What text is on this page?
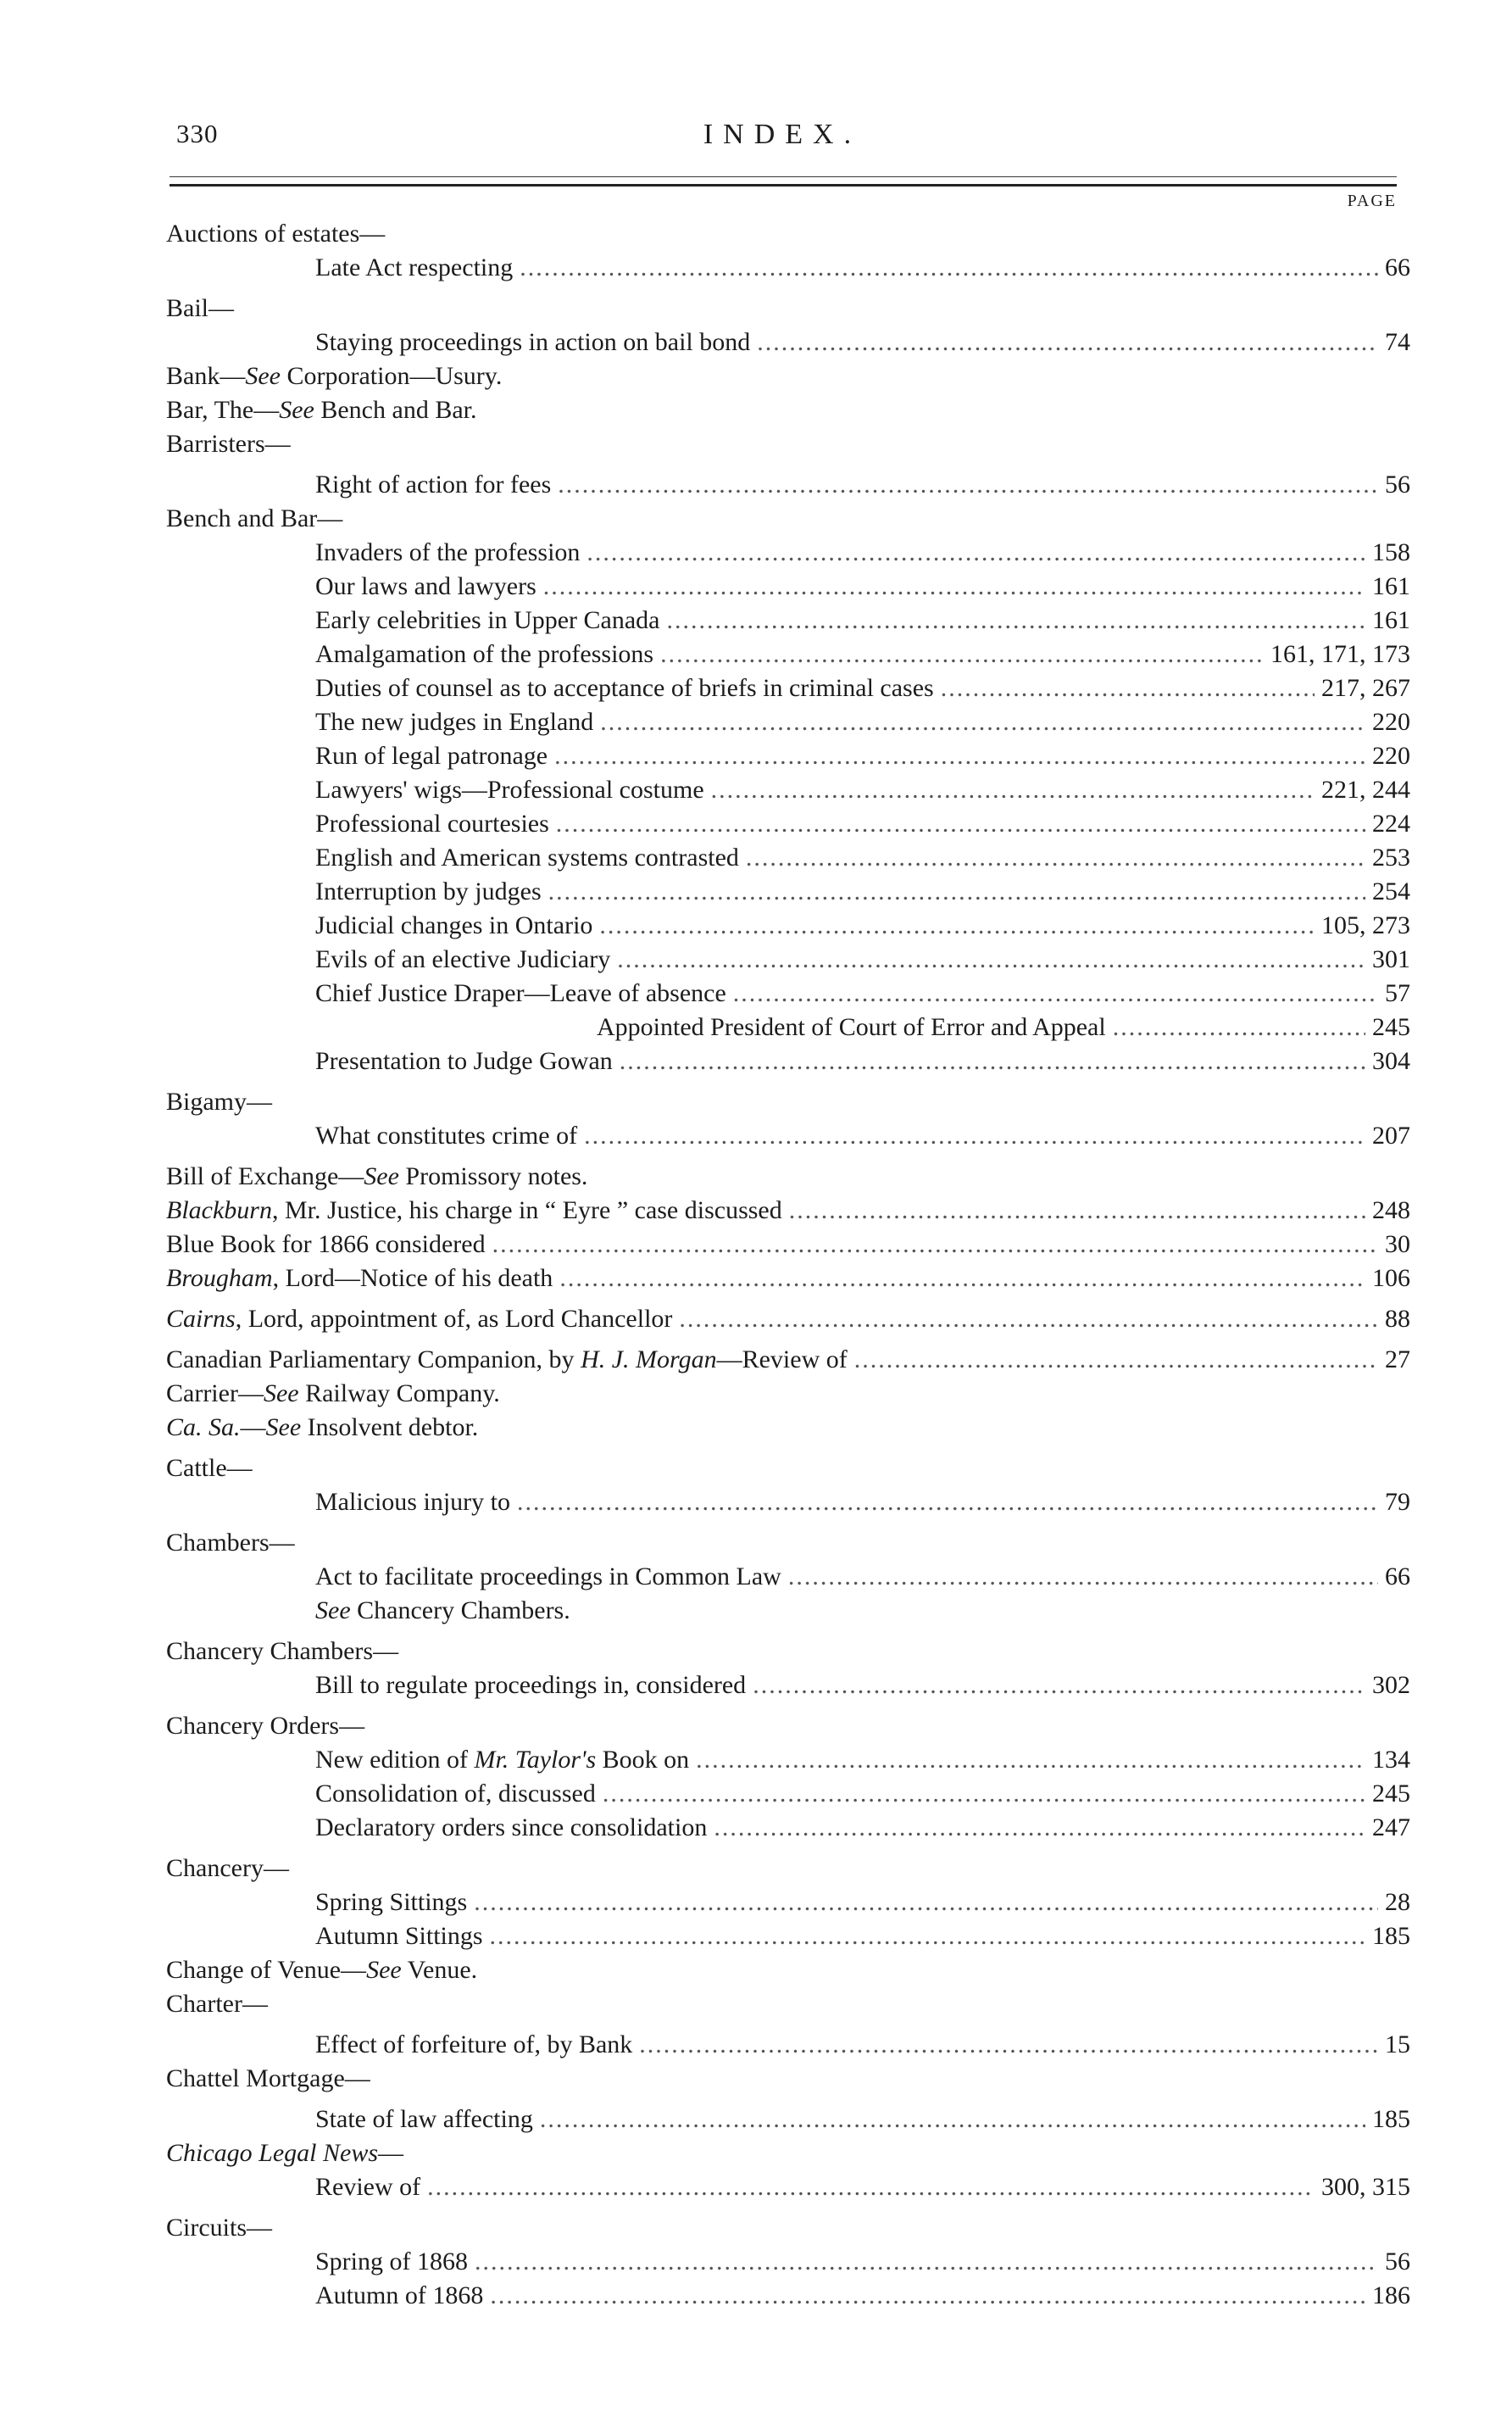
330	INDEX.
PAGE
Auctions of estates—
Late Act respecting .....	66
Bail—
Staying proceedings in action on bail bond .....	74
Bank—See Corporation—Usury.
Bar, The—See Bench and Bar.
Barristers—
Right of action for fees .....	56
Bench and Bar—
Invaders of the profession .....	158
Our laws and lawyers .....	161
Early celebrities in Upper Canada .....	161
Amalgamation of the professions .....	161, 171, 173
Duties of counsel as to acceptance of briefs in criminal cases .....	217, 267
The new judges in England .....	220
Run of legal patronage .....	220
Lawyers' wigs—Professional costume .....	221, 244
Professional courtesies .....	224
English and American systems contrasted .....	253
Interruption by judges .....	254
Judicial changes in Ontario .....	105, 273
Evils of an elective Judiciary .....	301
Chief Justice Draper—Leave of absence .....	57
Appointed President of Court of Error and Appeal .....	245
Presentation to Judge Gowan .....	304
Bigamy—
What constitutes crime of .....	207
Bill of Exchange—See Promissory notes.
Blackburn, Mr. Justice, his charge in “ Eyre ” case discussed .....	248
Blue Book for 1866 considered .....	30
Brougham, Lord—Notice of his death .....	106
Cairns, Lord, appointment of, as Lord Chancellor .....	88
Canadian Parliamentary Companion, by H. J. Morgan—Review of .....	27
Carrier—See Railway Company.
Ca. Sa.—See Insolvent debtor.
Cattle—
Malicious injury to .....	79
Chambers—
Act to facilitate proceedings in Common Law .....	66
See Chancery Chambers.
Chancery Chambers—
Bill to regulate proceedings in, considered .....	302
Chancery Orders—
New edition of Mr. Taylor's Book on .....	134
Consolidation of, discussed .....	245
Declaratory orders since consolidation .....	247
Chancery—
Spring Sittings .....	28
Autumn Sittings .....	185
Change of Venue—See Venue.
Charter—
Effect of forfeiture of, by Bank .....	15
Chattel Mortgage—
State of law affecting .....	185
Chicago Legal News—
Review of .....	300, 315
Circuits—
Spring of 1868 .....	56
Autumn of 1868 .....	186
